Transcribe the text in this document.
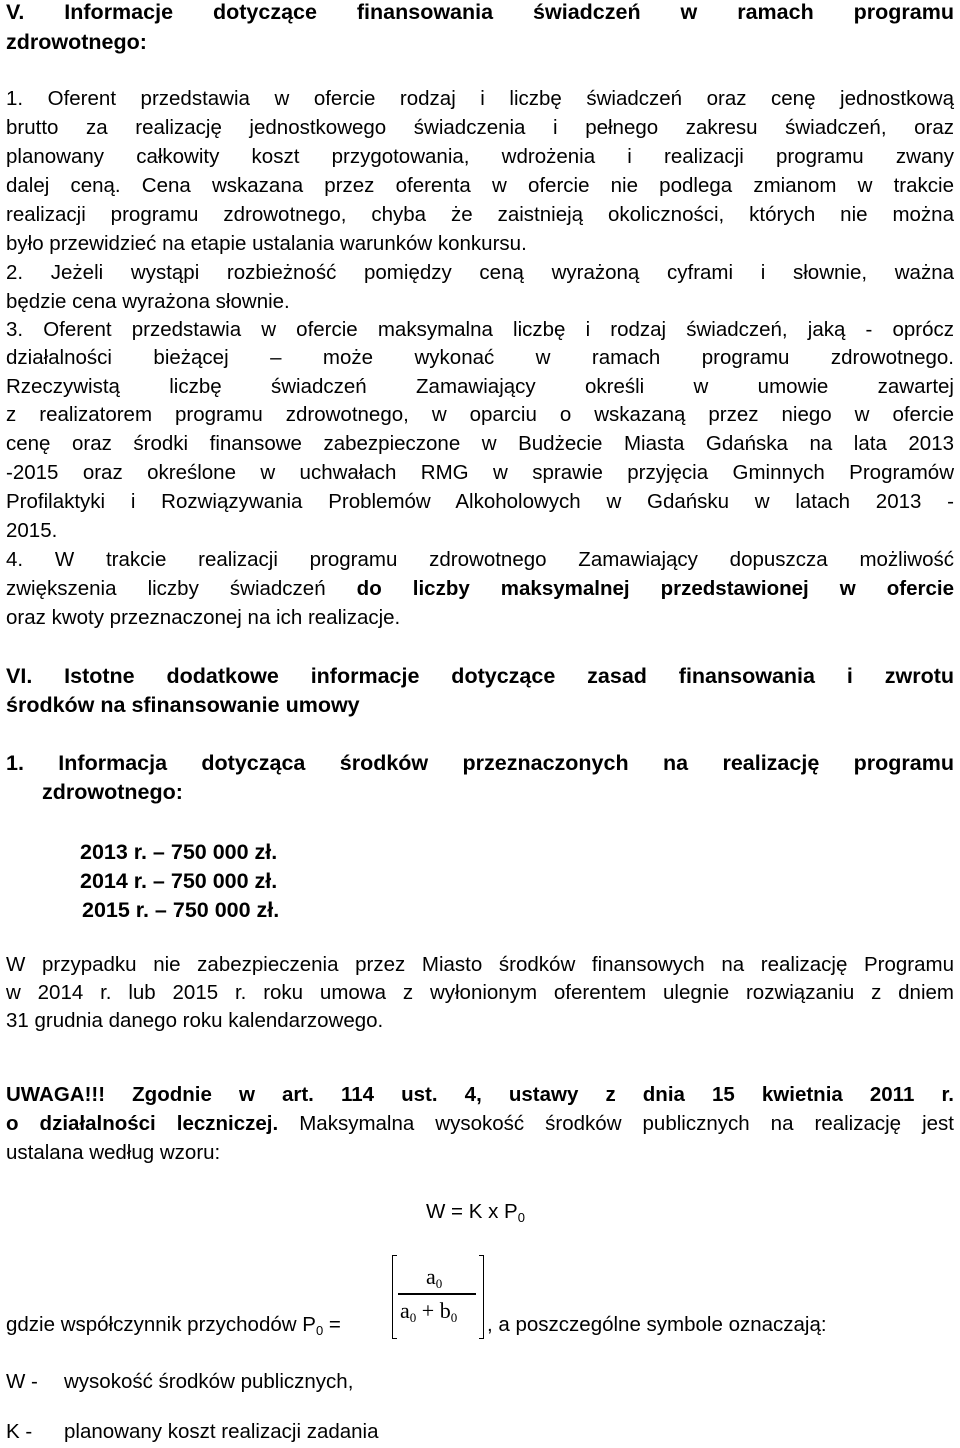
V. Informacje dotyczące finansowania świadczeń w ramach programu
zdrowotnego:
1. Oferent przedstawia w ofercie rodzaj i liczbę świadczeń oraz cenę jednostkową
brutto za realizację jednostkowego świadczenia i pełnego zakresu świadczeń, oraz
planowany całkowity koszt przygotowania, wdrożenia i realizacji programu zwany
dalej ceną. Cena wskazana przez oferenta w ofercie nie podlega zmianom w trakcie
realizacji programu zdrowotnego, chyba że zaistnieją okoliczności, których nie można
było przewidzieć na etapie ustalania warunków konkursu.
2. Jeżeli wystąpi rozbieżność pomiędzy ceną wyrażoną cyframi i słownie, ważna
będzie cena wyrażona słownie.
3. Oferent przedstawia w ofercie maksymalna liczbę i rodzaj świadczeń, jaką - oprócz
działalności bieżącej – może wykonać w ramach programu zdrowotnego.
Rzeczywistą liczbę świadczeń Zamawiający określi w umowie zawartej
z realizatorem programu zdrowotnego, w oparciu o wskazaną przez niego w ofercie
cenę oraz środki finansowe zabezpieczone w Budżecie Miasta Gdańska na lata 2013
-2015 oraz określone w uchwałach RMG w sprawie przyjęcia Gminnych Programów
Profilaktyki i Rozwiązywania Problemów Alkoholowych w Gdańsku w latach 2013 -
2015.
4. W trakcie realizacji programu zdrowotnego Zamawiający dopuszcza możliwość
zwiększenia liczby świadczeń do liczby maksymalnej przedstawionej w ofercie
oraz kwoty przeznaczonej na ich realizacje.
VI. Istotne dodatkowe informacje dotyczące zasad finansowania i zwrotu
środków na sfinansowanie umowy
1. Informacja dotycząca środków przeznaczonych na realizację programu
zdrowotnego:
2013 r. – 750 000 zł.
2014 r. – 750 000 zł.
2015 r. – 750 000 zł.
W przypadku nie zabezpieczenia przez Miasto środków finansowych na realizację Programu
w 2014 r. lub 2015 r. roku umowa z wyłonionym oferentem ulegnie rozwiązaniu z dniem
31 grudnia danego roku kalendarzowego.
UWAGA!!! Zgodnie w art. 114 ust. 4, ustawy z dnia 15 kwietnia 2011 r.
o działalności leczniczej. Maksymalna wysokość środków publicznych na realizację jest
ustalana według wzoru:
W = K x P0
gdzie współczynnik przychodów P0 =
a0
a0 + b0 , a poszczególne symbole oznaczają:
W - wysokość środków publicznych,
K - planowany koszt realizacji zadania
